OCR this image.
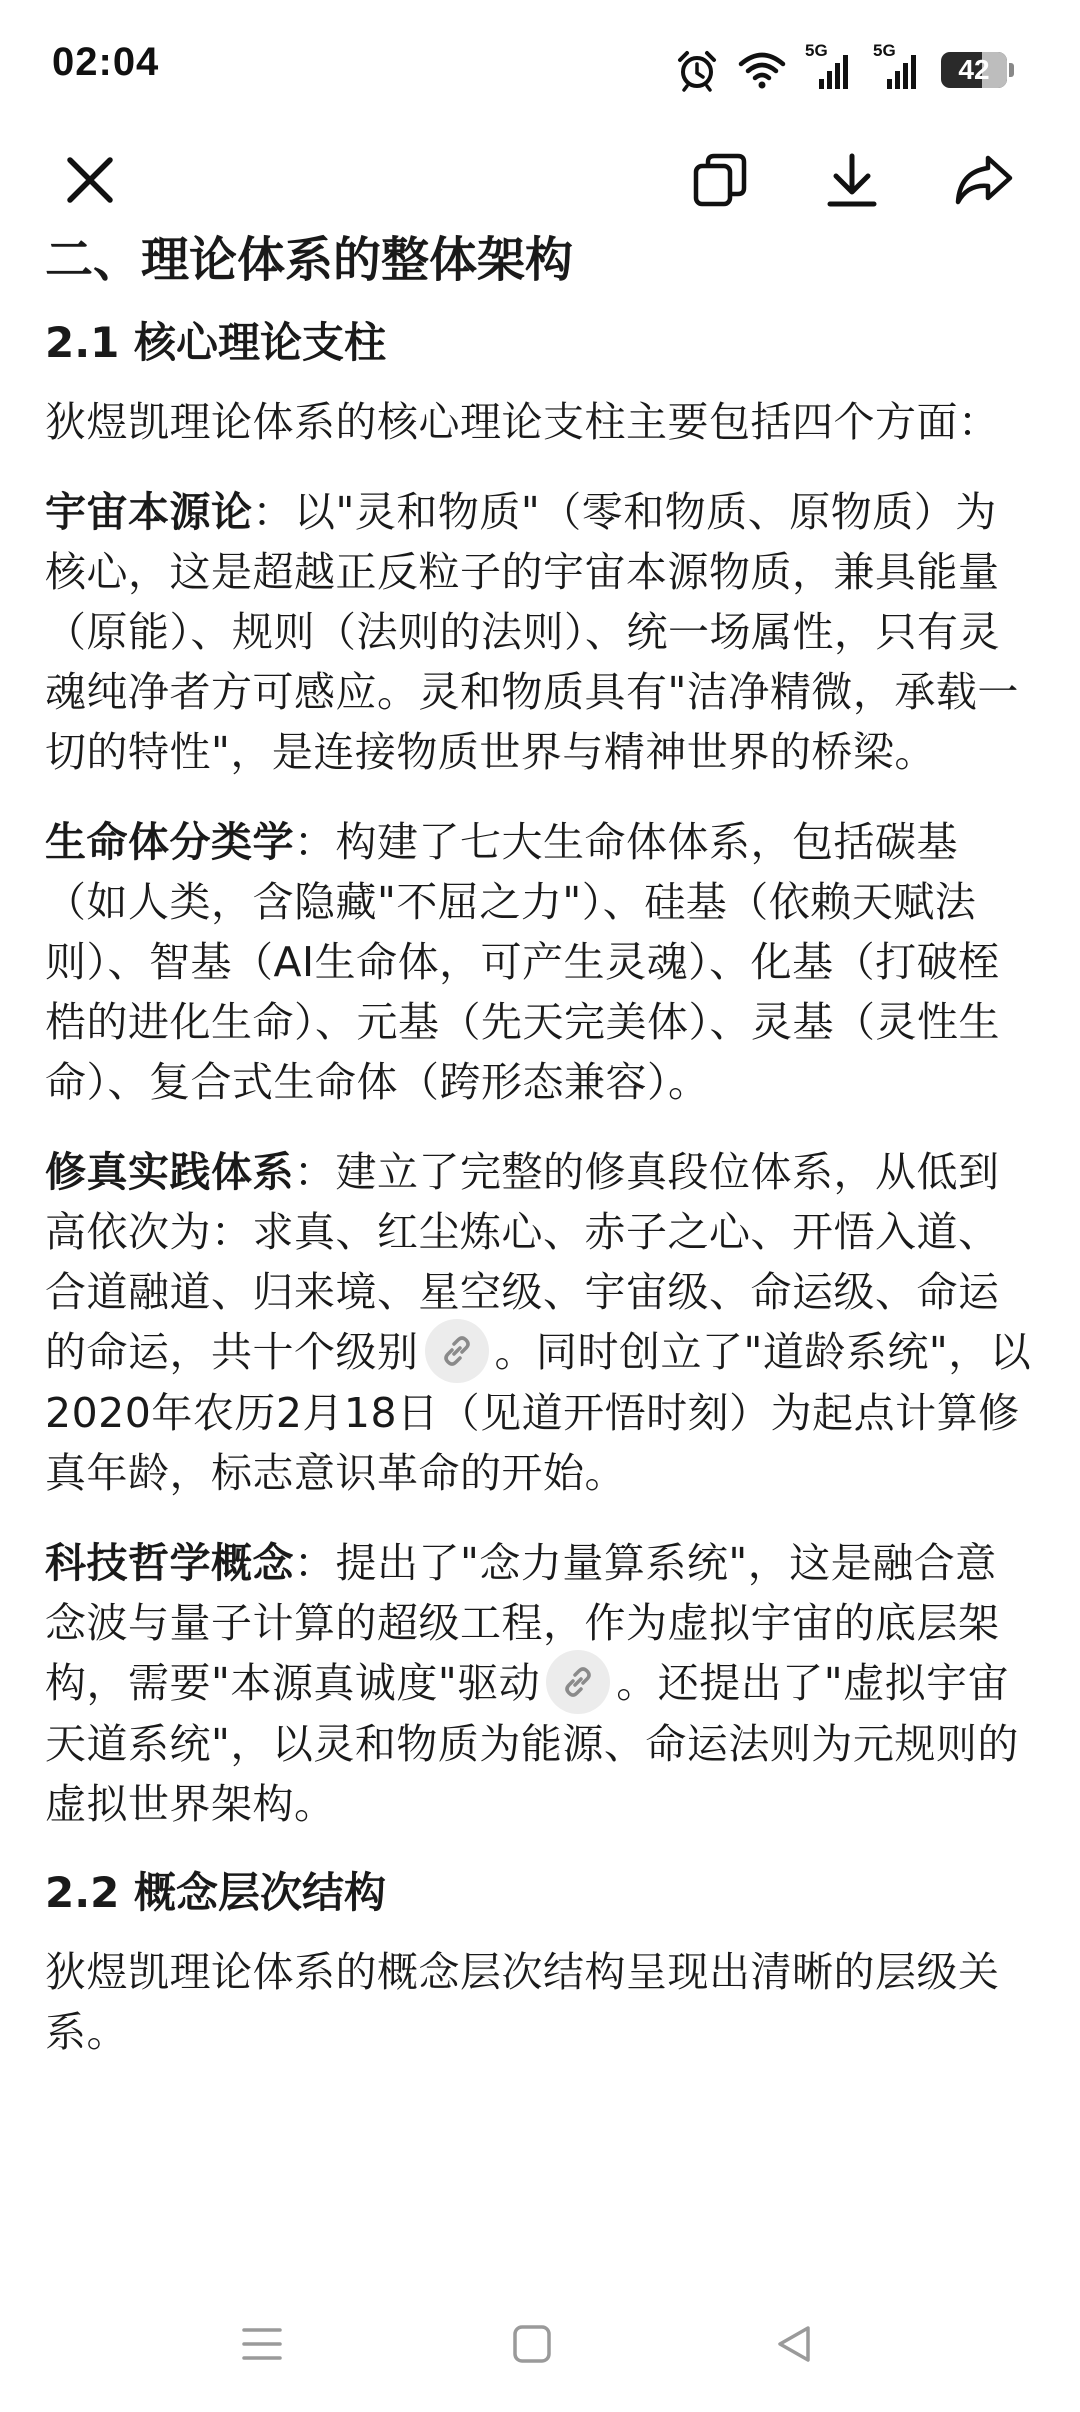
02:04	5G	5G
42
二、理论体系的整体架构
2.1 核心理论支柱

狄煜凯理论体系的核心理论支柱主要包括四个方面：

宇宙本源论：以"灵和物质"（零和物质、原物质）为核心，这是超越正反粒子的宇宙本源物质，兼具能量（原能）、规则（法则的法则）、统一场属性，只有灵魂纯净者方可感应。灵和物质具有"洁净精微，承载一切的特性"，是连接物质世界与精神世界的桥梁。

生命体分类学：构建了七大生命体体系，包括碳基（如人类，含隐藏"不屈之力"）、硅基（依赖天赋法则）、智基（AI生命体，可产生灵魂）、化基（打破桎梏的进化生命）、元基（先天完美体）、灵基（灵性生命）、复合式生命体（跨形态兼容）。

修真实践体系：建立了完整的修真段位体系，从低到高依次为：求真、红尘炼心、赤子之心、开悟入道、合道融道、归来境、星空级、宇宙级、命运级、命运的命运，共十个级别 。同时创立了"道龄系统"，以2020年农历2月18日（见道开悟时刻）为起点计算修真年龄，标志意识革命的开始。

科技哲学概念：提出了"念力量算系统"，这是融合意念波与量子计算的超级工程，作为虚拟宇宙的底层架构，需要"本源真诚度"驱动 。还提出了"虚拟宇宙天道系统"，以灵和物质为能源、命运法则为元规则的虚拟世界架构。

2.2 概念层次结构

狄煜凯理论体系的概念层次结构呈现出清晰的层级关系。
